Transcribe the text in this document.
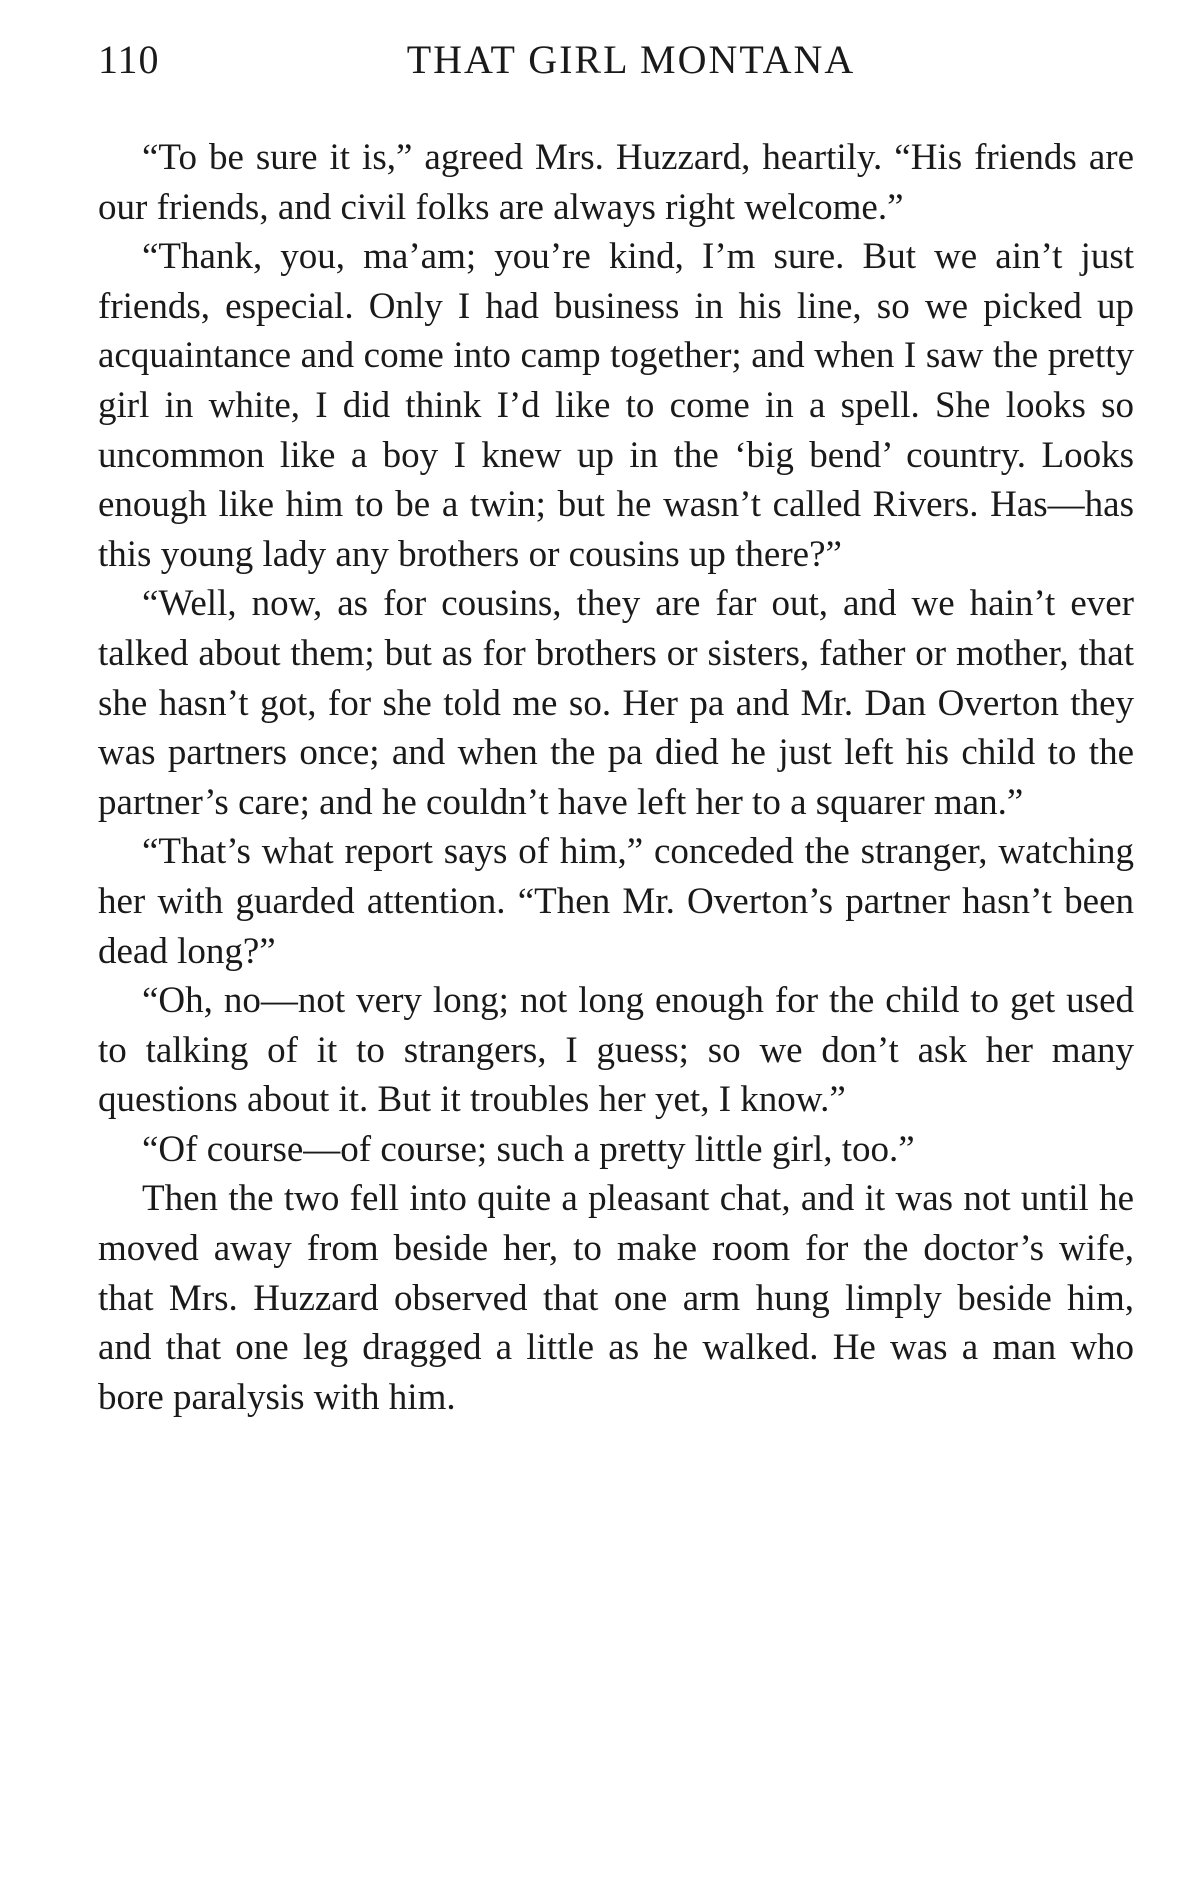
110	THAT GIRL MONTANA

“To be sure it is,” agreed Mrs. Huzzard, heartily. “His friends are our friends, and civil folks are always right welcome.”

“Thank, you, ma’am; you’re kind, I’m sure. But we ain’t just friends, especial. Only I had business in his line, so we picked up acquaintance and come into camp together; and when I saw the pretty girl in white, I did think I’d like to come in a spell. She looks so uncommon like a boy I knew up in the ‘big bend’ country. Looks enough like him to be a twin; but he wasn’t called Rivers. Has—has this young lady any brothers or cousins up there?”

“Well, now, as for cousins, they are far out, and we hain’t ever talked about them; but as for brothers or sisters, father or mother, that she hasn’t got, for she told me so. Her pa and Mr. Dan Overton they was partners once; and when the pa died he just left his child to the partner’s care; and he couldn’t have left her to a squarer man.”

“That’s what report says of him,” conceded the stranger, watching her with guarded attention. “Then Mr. Overton’s partner hasn’t been dead long?”

“Oh, no—not very long; not long enough for the child to get used to talking of it to strangers, I guess; so we don’t ask her many questions about it. But it troubles her yet, I know.”

“Of course—of course; such a pretty little girl, too.”

Then the two fell into quite a pleasant chat, and it was not until he moved away from beside her, to make room for the doctor’s wife, that Mrs. Huzzard observed that one arm hung limply beside him, and that one leg dragged a little as he walked. He was a man who bore paralysis with him.
